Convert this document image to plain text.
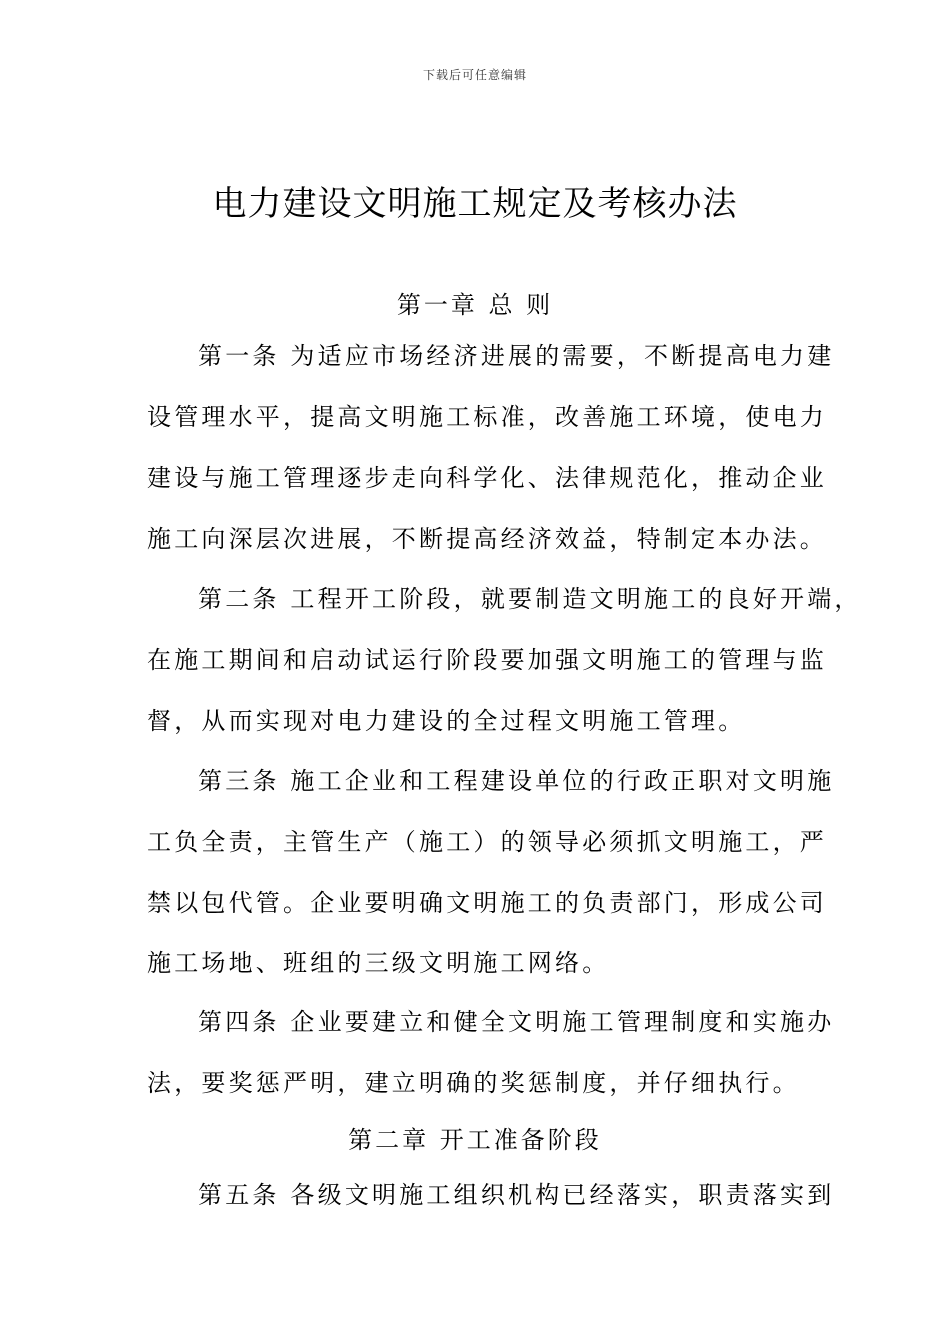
下载后可任意编辑
电力建设文明施工规定及考核办法
第一章 总 则
第一条 为适应市场经济进展的需要，不断提高电力建
设管理水平，提高文明施工标准，改善施工环境，使电力
建设与施工管理逐步走向科学化、法律规范化，推动企业
施工向深层次进展，不断提高经济效益，特制定本办法。
第二条 工程开工阶段，就要制造文明施工的良好开端，
在施工期间和启动试运行阶段要加强文明施工的管理与监
督，从而实现对电力建设的全过程文明施工管理。
第三条 施工企业和工程建设单位的行政正职对文明施
工负全责，主管生产（施工）的领导必须抓文明施工，严
禁以包代管。企业要明确文明施工的负责部门，形成公司
施工场地、班组的三级文明施工网络。
第四条 企业要建立和健全文明施工管理制度和实施办
法，要奖惩严明，建立明确的奖惩制度，并仔细执行。
第二章 开工准备阶段
第五条 各级文明施工组织机构已经落实，职责落实到
